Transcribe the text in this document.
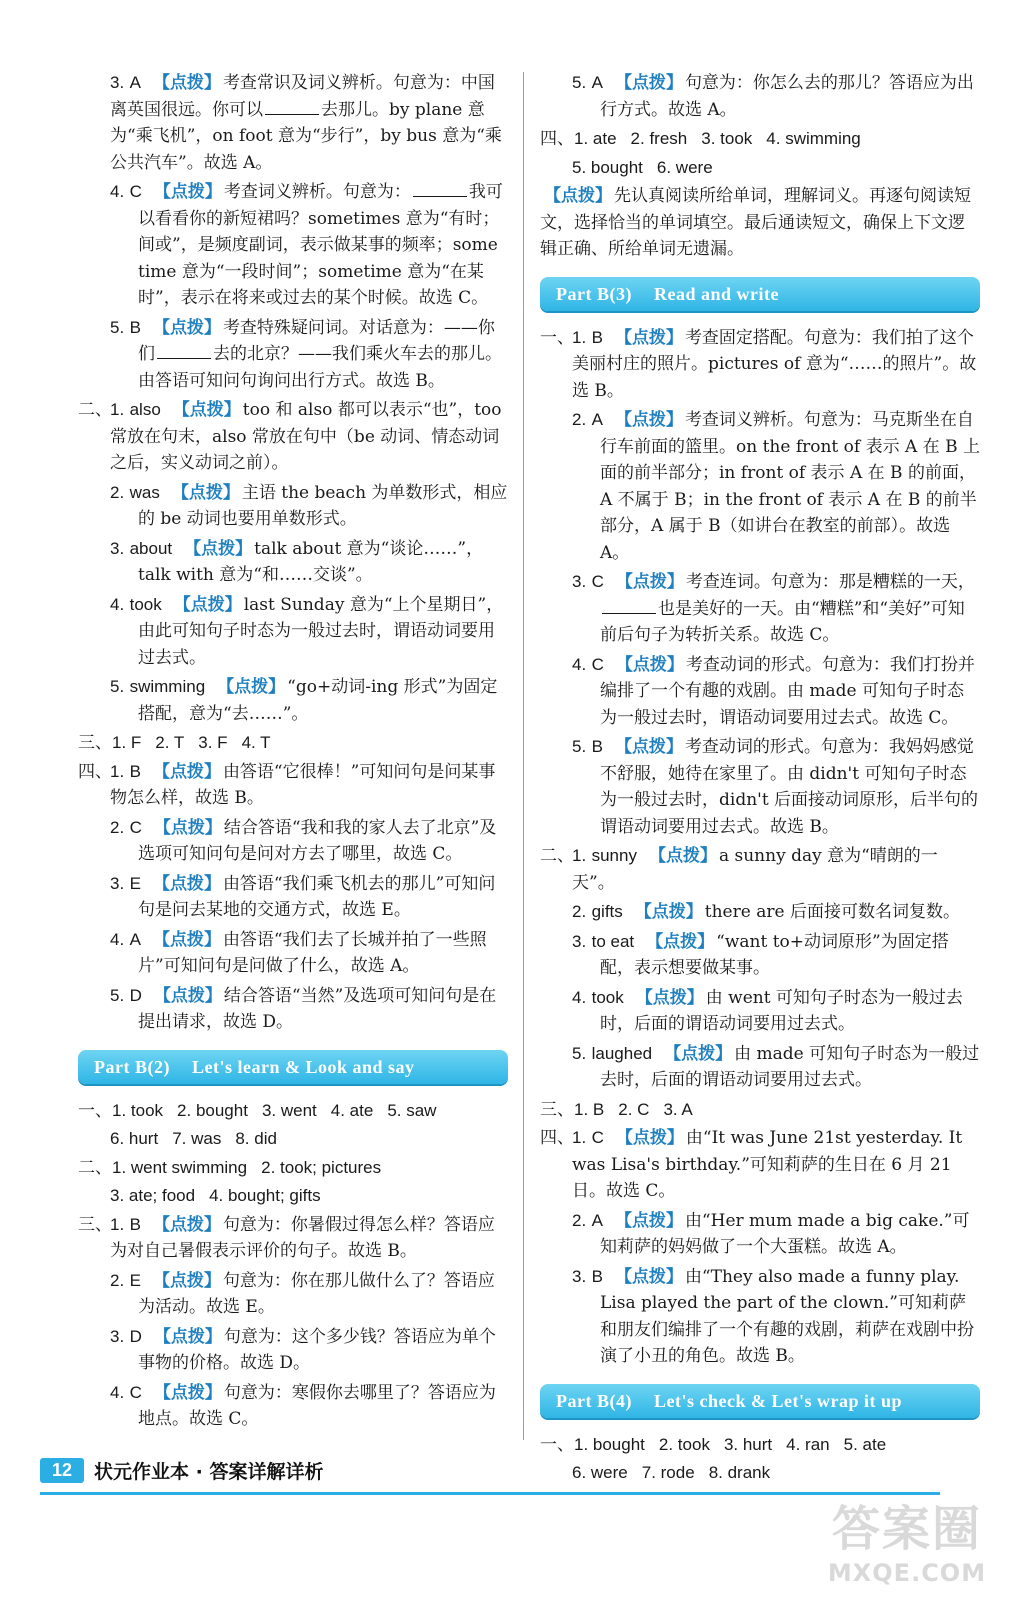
3. A 【 点拨 】 考查常识及词义辨析。句意为：中国离英国很远。你可以	去那儿。by plane 意为“乘飞机”，on foot 意为“步行”，by bus 意为“乘公共汽车”。故选 A。

4. C 【 点拨 】 考查词义辨析。句意为：	我可以看看你的新短裙吗？sometimes 意为“有时；间或”，是频度副词，表示做某事的频率；some time 意为“一段时间”；sometime 意为“在某时”，表示在将来或过去的某个时候。故选 C。

5. B 【 点拨 】 考查特殊疑问词。对话意为：——你们	去的北京？——我们乘火车去的那儿。由答语可知问句询问出行方式。故选 B。

二、1. also 【 点拨 】 too 和 also 都可以表示“也”，too 常放在句末，also 常放在句中（be 动词、情态动词之后，实义动词之前）。

2. was 【 点拨 】 主语 the beach 为单数形式，相应的 be 动词也要用单数形式。

3. about 【 点拨 】 talk about 意为“谈论……”，talk with 意为“和……交谈”。

4. took 【 点拨 】 last Sunday 意为“上个星期日”，由此可知句子时态为一般过去时，谓语动词要用过去式。

5. swimming 【 点拨 】 “go+动词-ing 形式”为固定搭配，意为“去……”。

三、1. F 2. T 3. F 4. T

四、1. B 【 点拨 】 由答语“它很棒！”可知问句是问某事物怎么样，故选 B。

2. C 【 点拨 】 结合答语“我和我的家人去了北京”及选项可知问句是问对方去了哪里，故选 C。

3. E 【 点拨 】 由答语“我们乘飞机去的那儿”可知问句是问去某地的交通方式，故选 E。

4. A 【 点拨 】 由答语“我们去了长城并拍了一些照片”可知问句是问做了什么，故选 A。

5. D 【 点拨 】 结合答语“当然”及选项可知问句是在提出请求，故选 D。

Part B(2) Let's learn & Look and say
一、1. took 2. bought 3. went 4. ate 5. saw
6. hurt 7. was 8. did
二、1. went swimming 2. took; pictures
3. ate; food 4. bought; gifts

三、1. B 【 点拨 】 句意为：你暑假过得怎么样？答语应为对自己暑假表示评价的句子。故选 B。

2. E 【 点拨 】 句意为：你在那儿做什么了？答语应为活动。故选 E。

3. D 【 点拨 】 句意为：这个多少钱？答语应为单个事物的价格。故选 D。

4. C 【 点拨 】 句意为：寒假你去哪里了？答语应为地点。故选 C。

5. A 【 点拨 】 句意为：你怎么去的那儿？答语应为出行方式。故选 A。

四、1. ate 2. fresh 3. took 4. swimming
5. bought 6. were

【 点拨 】 先认真阅读所给单词，理解词义。再逐句阅读短文，选择恰当的单词填空。最后通读短文，确保上下文逻辑正确、所给单词无遗漏。

Part B(3) Read and write

一、1. B 【 点拨 】 考查固定搭配。句意为：我们拍了这个美丽村庄的照片。pictures of 意为“……的照片”。故选 B。

2. A 【 点拨 】 考查词义辨析。句意为：马克斯坐在自行车前面的篮里。on the front of 表示 A 在 B 上面的前半部分；in front of 表示 A 在 B 的前面，A 不属于 B；in the front of 表示 A 在 B 的前半部分，A 属于 B（如讲台在教室的前部）。故选 A。

3. C 【 点拨 】 考查连词。句意为：那是糟糕的一天，也是美好的一天。由“糟糕”和“美好”可知前后句子为转折关系。故选 C。

4. C 【 点拨 】 考查动词的形式。句意为：我们打扮并编排了一个有趣的戏剧。由 made 可知句子时态为一般过去时，谓语动词要用过去式。故选 C。

5. B 【 点拨 】 考查动词的形式。句意为：我妈妈感觉不舒服，她待在家里了。由 didn't 可知句子时态为一般过去时，didn't 后面接动词原形，后半句的谓语动词要用过去式。故选 B。

二、1. sunny 【 点拨 】 a sunny day 意为“晴朗的一天”。

2. gifts 【 点拨 】 there are 后面接可数名词复数。

3. to eat 【 点拨 】 “want to+动词原形”为固定搭配，表示想要做某事。

4. took 【 点拨 】 由 went 可知句子时态为一般过去时，后面的谓语动词要用过去式。

5. laughed 【 点拨 】 由 made 可知句子时态为一般过去时，后面的谓语动词要用过去式。

三、1. B 2. C 3. A

四、1. C 【 点拨 】 由“It was June 21st yesterday. It was Lisa's birthday.”可知莉萨的生日在 6 月 21 日。故选 C。

2. A 【 点拨 】 由“Her mum made a big cake.”可知莉萨的妈妈做了一个大蛋糕。故选 A。

3. B 【 点拨 】 由“They also made a funny play. Lisa played the part of the clown.”可知莉萨和朋友们编排了一个有趣的戏剧，莉萨在戏剧中扮演了小丑的角色。故选 B。

Part B(4) Let's check & Let's wrap it up
一、1. bought 2. took 3. hurt 4. ran 5. ate
6. were 7. rode 8. drank
12	状元作业本 · 答案详解详析
答案圈
MXQE.COM
